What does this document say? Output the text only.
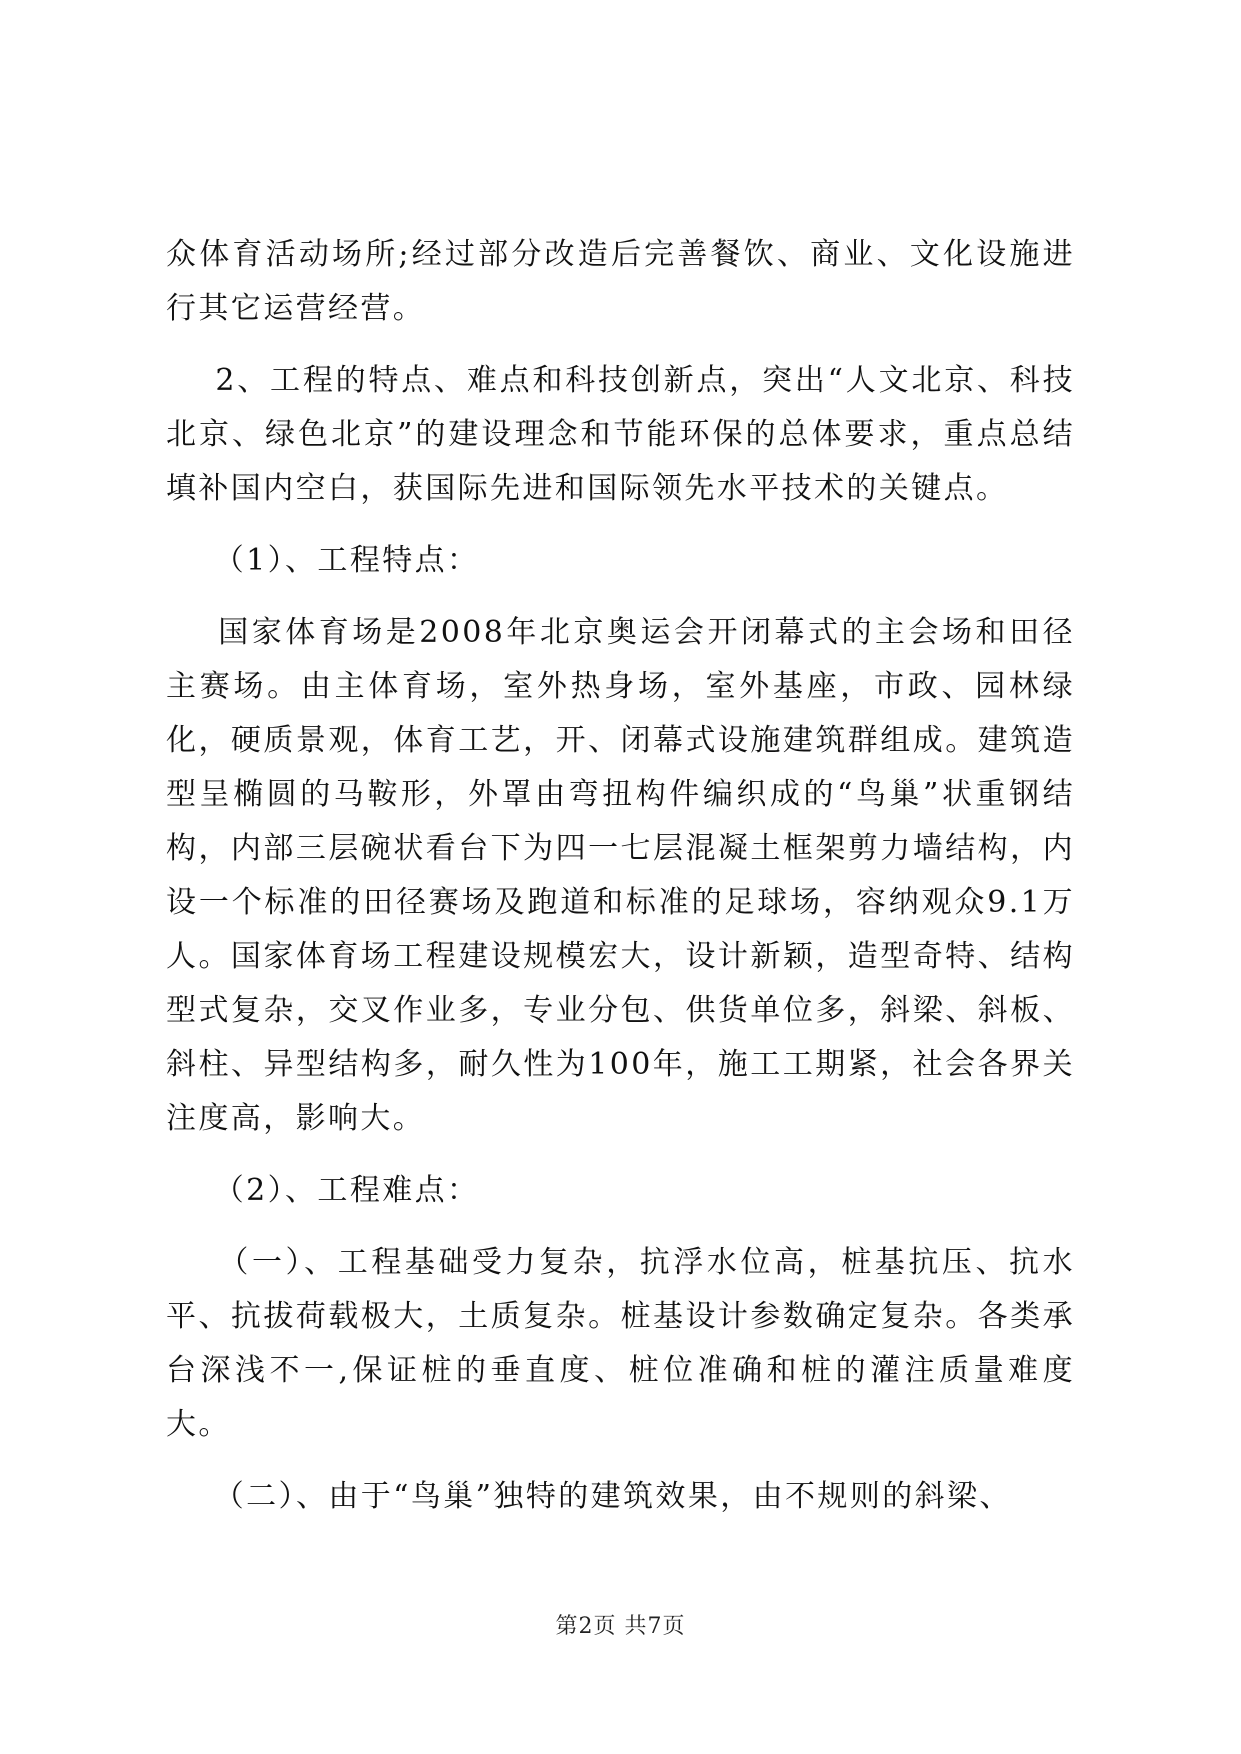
众体育活动场所;经过部分改造后完善餐饮、商业、文化设施进行其它运营经营。

2、工程的特点、难点和科技创新点，突出“人文北京、科技北京、绿色北京”的建设理念和节能环保的总体要求，重点总结填补国内空白，获国际先进和国际领先水平技术的关键点。

（1）、工程特点：

国家体育场是2008年北京奥运会开闭幕式的主会场和田径主赛场。由主体育场，室外热身场，室外基座，市政、园林绿化，硬质景观，体育工艺，开、闭幕式设施建筑群组成。建筑造型呈椭圆的马鞍形，外罩由弯扭构件编织成的“鸟巢”状重钢结构，内部三层碗状看台下为四一七层混凝土框架剪力墙结构，内设一个标准的田径赛场及跑道和标准的足球场，容纳观众9.1万人。国家体育场工程建设规模宏大，设计新颖，造型奇特、结构型式复杂，交叉作业多，专业分包、供货单位多，斜梁、斜板、斜柱、异型结构多，耐久性为100年，施工工期紧，社会各界关注度高，影响大。

（2）、工程难点：

（一）、工程基础受力复杂，抗浮水位高，桩基抗压、抗水平、抗拔荷载极大，土质复杂。桩基设计参数确定复杂。各类承台深浅不一,保证桩的垂直度、桩位准确和桩的灌注质量难度大。

（二）、由于“鸟巢”独特的建筑效果，由不规则的斜梁、

第2页 共7页
